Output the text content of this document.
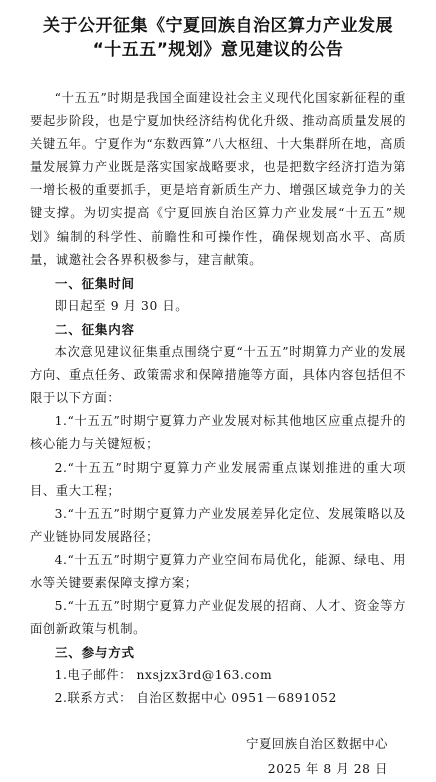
关于公开征集《宁夏回族自治区算力产业发展
“十五五”规划》意见建议的公告

“十五五”时期是我国全面建设社会主义现代化国家新征程的重要起步阶段，也是宁夏加快经济结构优化升级、推动高质量发展的关键五年。宁夏作为“东数西算”八大枢纽、十大集群所在地，高质量发展算力产业既是落实国家战略要求，也是把数字经济打造为第一增长极的重要抓手，更是培育新质生产力、增强区域竞争力的关键支撑。为切实提高《宁夏回族自治区算力产业发展“十五五”规划》编制的科学性、前瞻性和可操作性，确保规划高水平、高质量，诚邀社会各界积极参与，建言献策。

一、征集时间

即日起至 9 月 30 日。

二、征集内容

本次意见建议征集重点围绕宁夏“十五五”时期算力产业的发展方向、重点任务、政策需求和保障措施等方面，具体内容包括但不限于以下方面：

1.“十五五”时期宁夏算力产业发展对标其他地区应重点提升的核心能力与关键短板；

2.“十五五”时期宁夏算力产业发展需重点谋划推进的重大项目、重大工程；

3.“十五五”时期宁夏算力产业发展差异化定位、发展策略以及产业链协同发展路径；

4.“十五五”时期宁夏算力产业空间布局优化，能源、绿电、用水等关键要素保障支撑方案；

5.“十五五”时期宁夏算力产业促发展的招商、人才、资金等方面创新政策与机制。

三、参与方式

1.电子邮件： nxsjzx3rd@163.com

2.联系方式： 自治区数据中心 0951－6891052

宁夏回族自治区数据中心
2025 年 8 月 28 日
